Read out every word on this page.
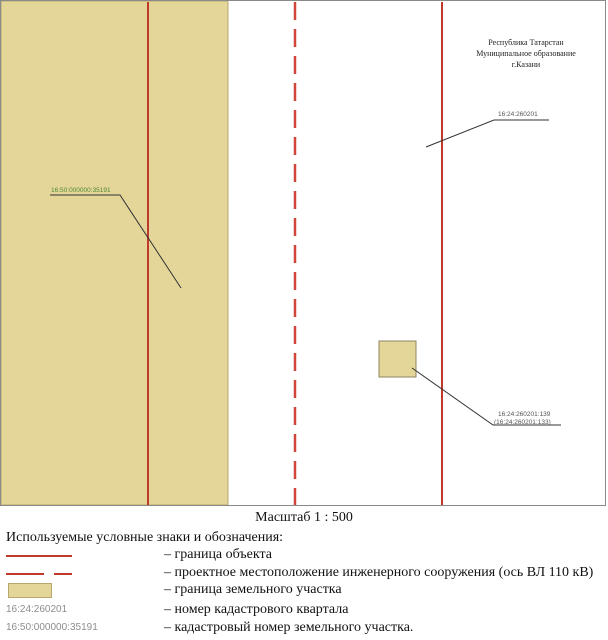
Республика Татарстан
Муниципальное образование
г.Казани
16:50:000000:35191
16:24:260201
16:24:260201:139
(16:24:260201:133)
Масштаб 1 : 500
Используемые условные знаки и обозначения:
– граница объекта
– проектное местоположение инженерного сооружения (ось ВЛ 110 кВ)
– граница земельного участка
16:24:260201	– номер кадастрового квартала
16:50:000000:35191	– кадастровый номер земельного участка.
